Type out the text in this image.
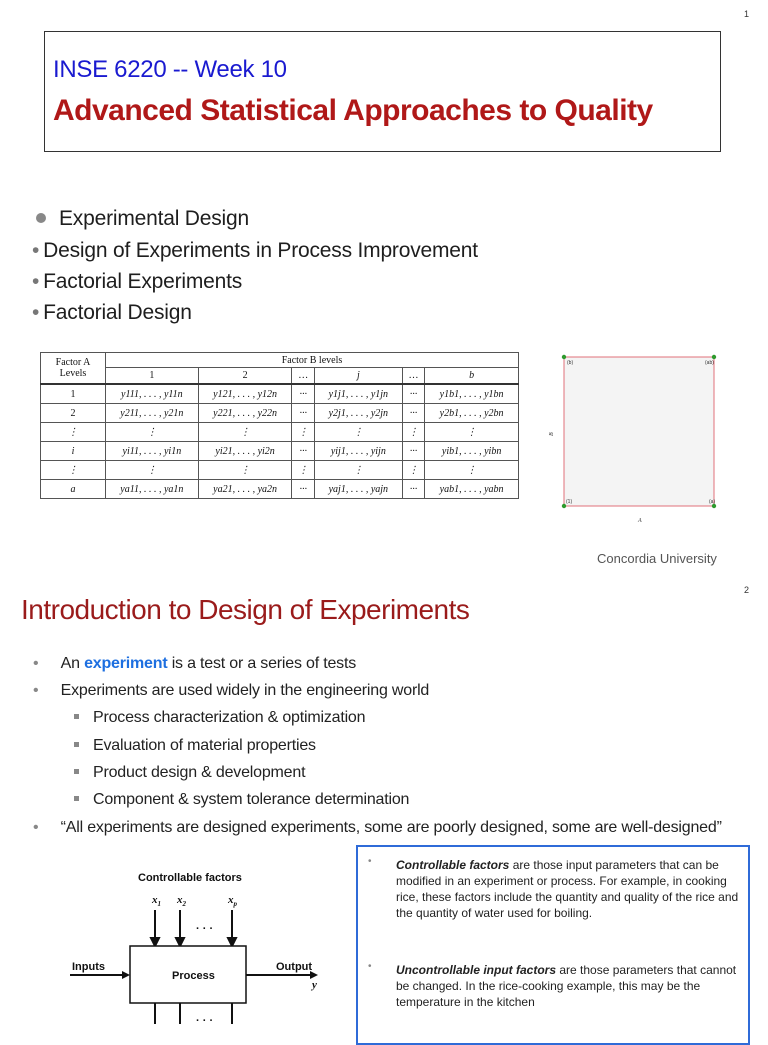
1
INSE 6220 -- Week 10
Advanced Statistical Approaches to Quality
Experimental Design
• Design of Experiments in Process Improvement
• Factorial Experiments
• Factorial Design
Factor A
Levels	Factor B levels					
	1	2	…	j	…	b
1	y111, . . . , y11n	y121, . . . , y12n	···	y1j1, . . . , y1jn	···	y1b1, . . . , y1bn
2	y211, . . . , y21n	y221, . . . , y22n	···	y2j1, . . . , y2jn	···	y2b1, . . . , y2bn
⋮	⋮	⋮	⋮	⋮	⋮	⋮
i	yi11, . . . , yi1n	yi21, . . . , yi2n	···	yij1, . . . , yijn	···	yib1, . . . , yibn
⋮	⋮	⋮	⋮	⋮	⋮	⋮
a	ya11, . . . , ya1n	ya21, . . . , ya2n	···	yaj1, . . . , yajn	···	yab1, . . . , yabn
(b)	(ab)
(1)	(a)
A
B
Concordia University
2
Introduction to Design of Experiments
• An experiment is a test or a series of tests
• Experiments are used widely in the engineering world
Process characterization & optimization
Evaluation of material properties
Product design & development
Component & system tolerance determination
• “All experiments are designed experiments, some are poorly designed, some are well-designed”
Controllable factors
$x_1$ $x_2$	$x_p$
· · ·
Process
Inputs	Output
y
· · ·
•	Controllable factors are those input parameters that can be modified in an experiment or process. For example, in cooking rice, these factors include the quantity and quality of the rice and the quantity of water used for boiling.
•	Uncontrollable input factors are those parameters that cannot be changed. In the rice-cooking example, this may be the temperature in the kitchen
